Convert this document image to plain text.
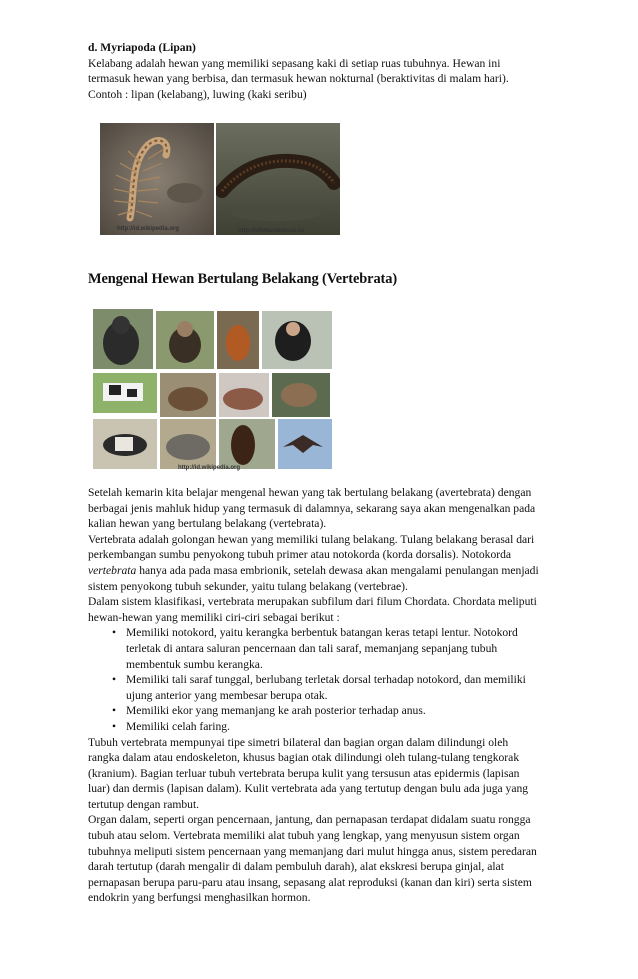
d. Myriapoda (Lipan)

Kelabang adalah hewan yang memiliki sepasang kaki di setiap ruas tubuhnya. Hewan ini

termasuk hewan yang berbisa, dan termasuk hewan nokturnal (beraktivitas di malam hari).

Contoh : lipan (kelabang), luwing (kaki seribu)

http://id.wikipedia.org	http://sfilmaslana.co.cc
Mengenal Hewan Bertulang Belakang (Vertebrata)
http://id.wikipedia.org

Setelah kemarin kita belajar mengenal hewan yang tak bertulang belakang (avertebrata) dengan

berbagai jenis mahluk hidup yang termasuk di dalamnya, sekarang saya akan mengenalkan pada

kalian hewan yang bertulang belakang (vertebrata).

Vertebrata adalah golongan hewan yang memiliki tulang belakang. Tulang belakang berasal dari

perkembangan sumbu penyokong tubuh primer atau notokorda (korda dorsalis). Notokorda

vertebrata hanya ada pada masa embrionik, setelah dewasa akan mengalami penulangan menjadi

sistem penyokong tubuh sekunder, yaitu tulang belakang (vertebrae).

Dalam sistem klasifikasi, vertebrata merupakan subfilum dari filum Chordata. Chordata meliputi

hewan-hewan yang memiliki ciri-ciri sebagai berikut :

• Memiliki notokord, yaitu kerangka berbentuk batangan keras tetapi lentur. Notokord
terletak di antara saluran pencernaan dan tali saraf, memanjang sepanjang tubuh
membentuk sumbu kerangka.
• Memiliki tali saraf tunggal, berlubang terletak dorsal terhadap notokord, dan memiliki
ujung anterior yang membesar berupa otak.
• Memiliki ekor yang memanjang ke arah posterior terhadap anus.
• Memiliki celah faring.

Tubuh vertebrata mempunyai tipe simetri bilateral dan bagian organ dalam dilindungi oleh

rangka dalam atau endoskeleton, khusus bagian otak dilindungi oleh tulang-tulang tengkorak

(kranium). Bagian terluar tubuh vertebrata berupa kulit yang tersusun atas epidermis (lapisan

luar) dan dermis (lapisan dalam). Kulit vertebrata ada yang tertutup dengan bulu ada juga yang

tertutup dengan rambut.

Organ dalam, seperti organ pencernaan, jantung, dan pernapasan terdapat didalam suatu rongga

tubuh atau selom. Vertebrata memiliki alat tubuh yang lengkap, yang menyusun sistem organ

tubuhnya meliputi sistem pencernaan yang memanjang dari mulut hingga anus, sistem peredaran

darah tertutup (darah mengalir di dalam pembuluh darah), alat ekskresi berupa ginjal, alat

pernapasan berupa paru-paru atau insang, sepasang alat reproduksi (kanan dan kiri) serta sistem

endokrin yang berfungsi menghasilkan hormon.
